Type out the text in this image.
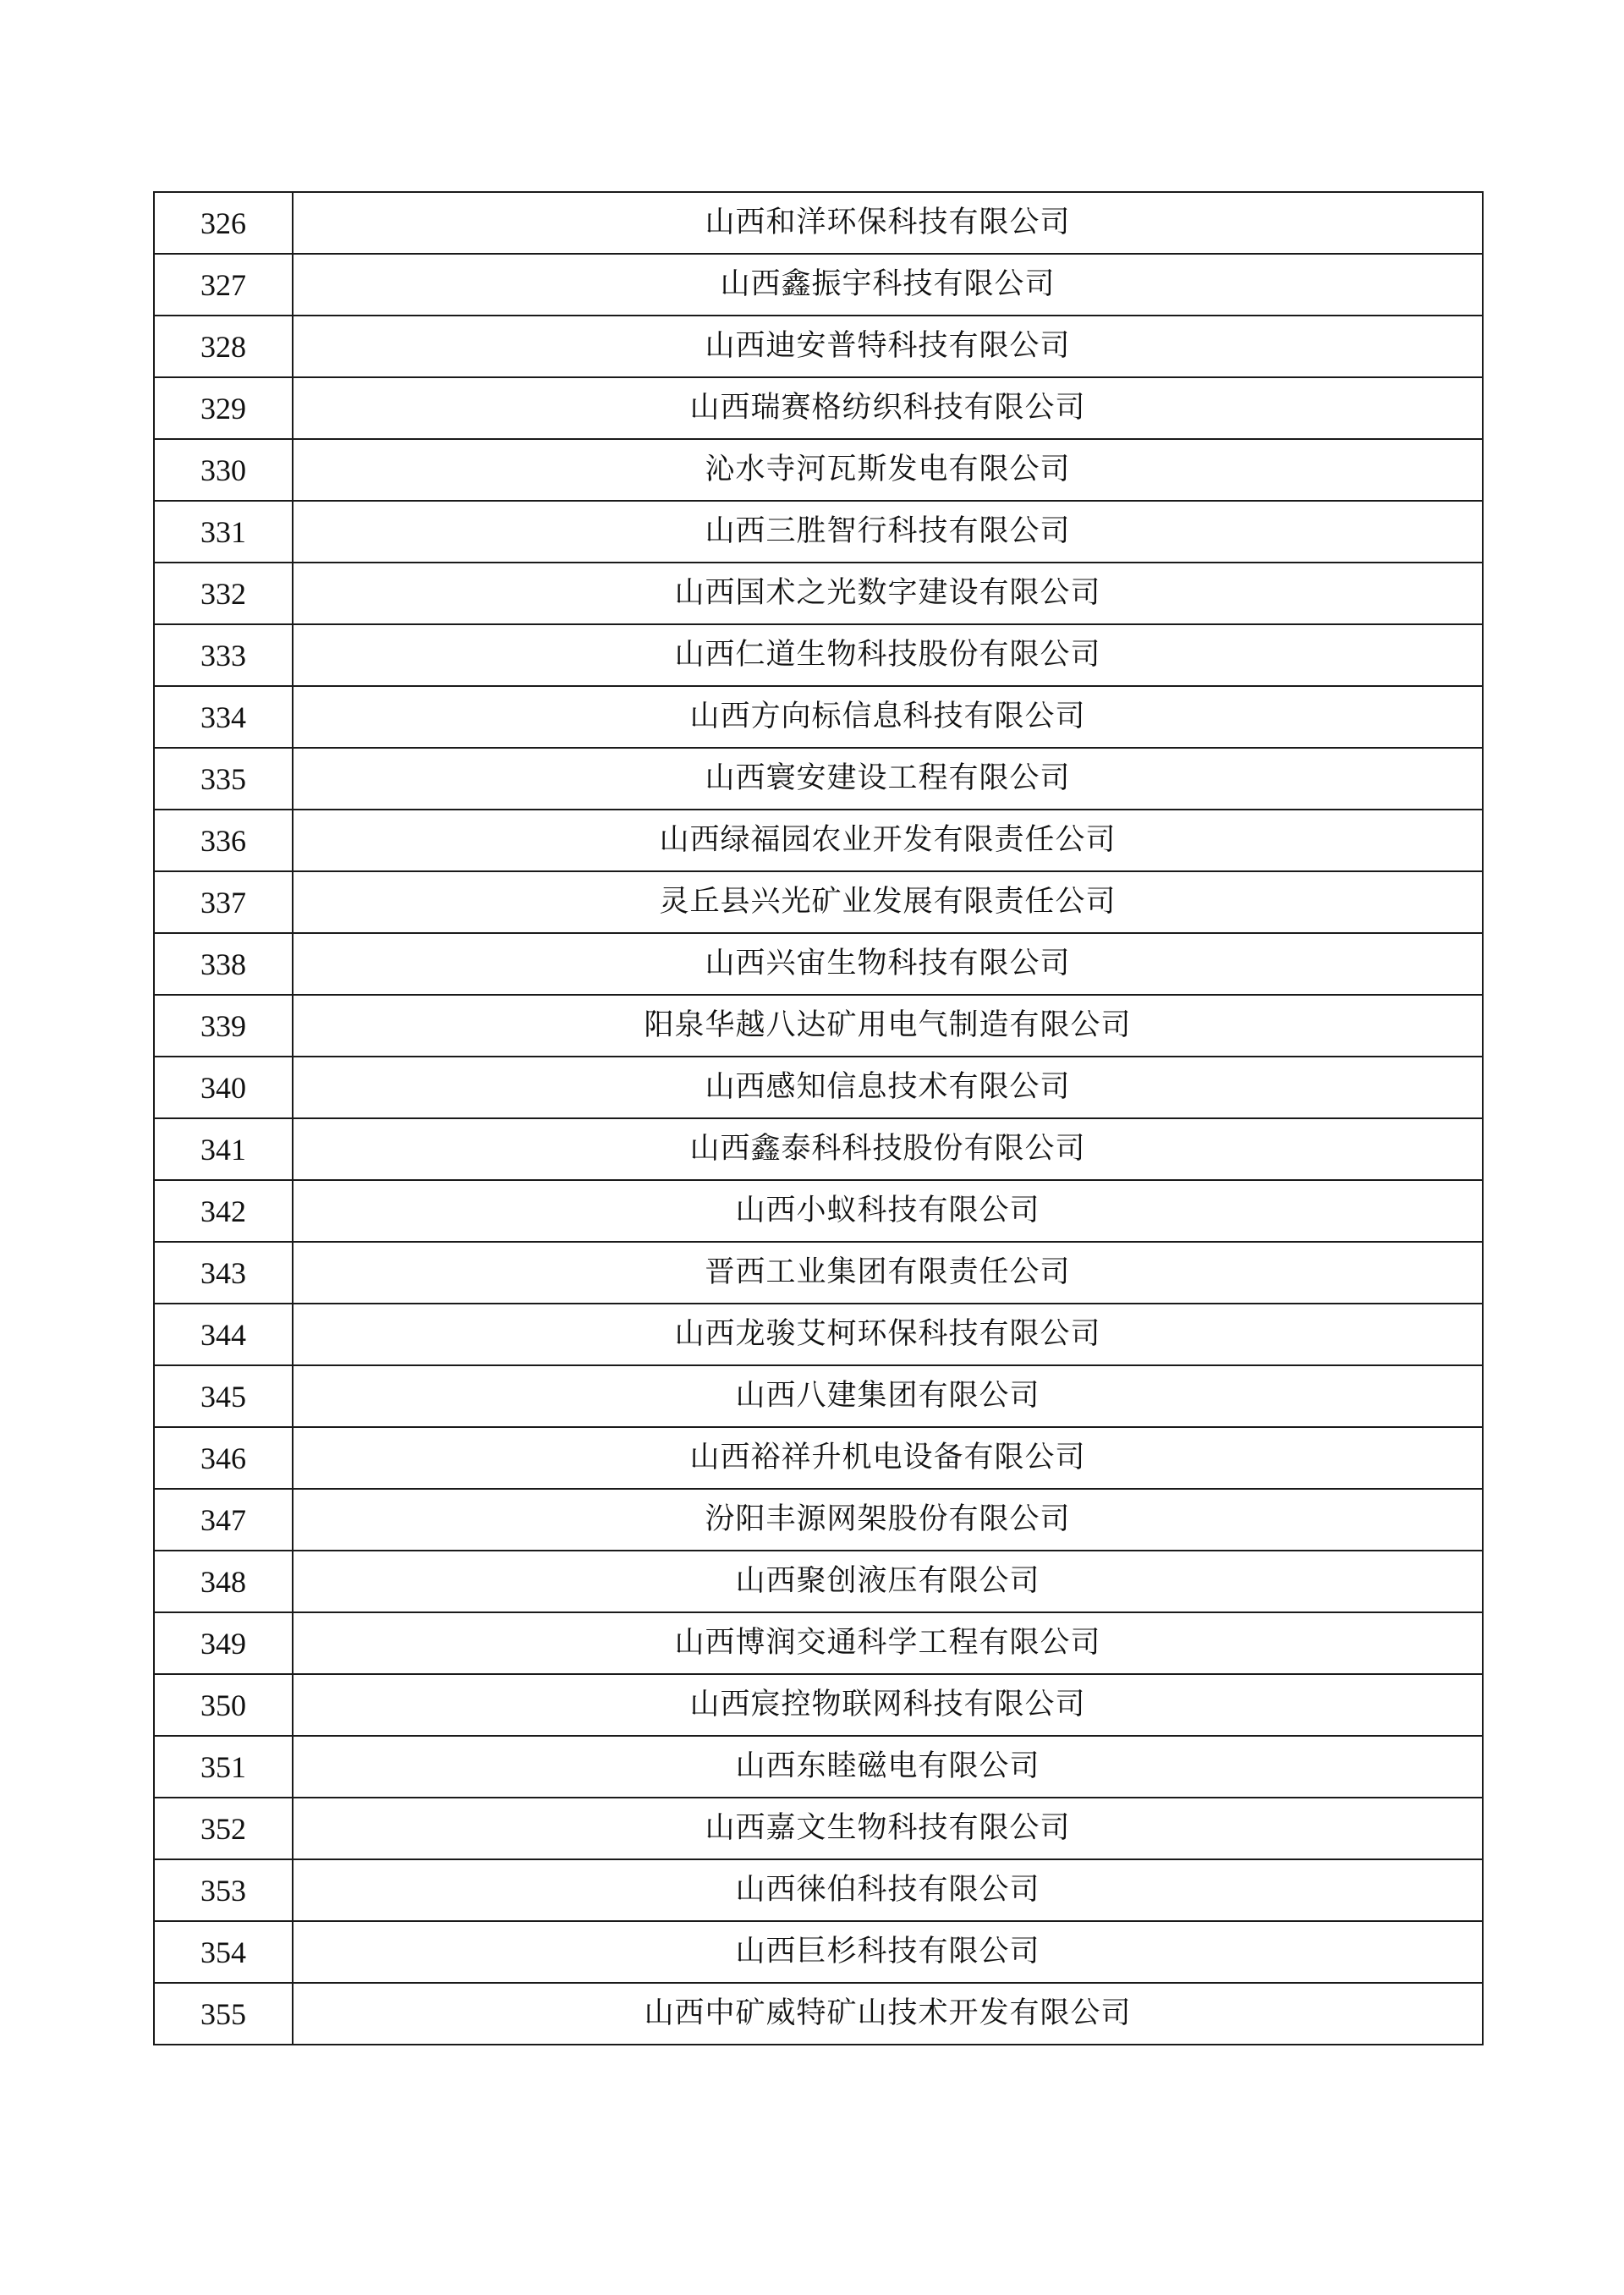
326	山西和洋环保科技有限公司
327	山西鑫振宇科技有限公司
328	山西迪安普特科技有限公司
329	山西瑞赛格纺织科技有限公司
330	沁水寺河瓦斯发电有限公司
331	山西三胜智行科技有限公司
332	山西国术之光数字建设有限公司
333	山西仁道生物科技股份有限公司
334	山西方向标信息科技有限公司
335	山西寰安建设工程有限公司
336	山西绿福园农业开发有限责任公司
337	灵丘县兴光矿业发展有限责任公司
338	山西兴宙生物科技有限公司
339	阳泉华越八达矿用电气制造有限公司
340	山西感知信息技术有限公司
341	山西鑫泰科科技股份有限公司
342	山西小蚁科技有限公司
343	晋西工业集团有限责任公司
344	山西龙骏艾柯环保科技有限公司
345	山西八建集团有限公司
346	山西裕祥升机电设备有限公司
347	汾阳丰源网架股份有限公司
348	山西聚创液压有限公司
349	山西博润交通科学工程有限公司
350	山西宸控物联网科技有限公司
351	山西东睦磁电有限公司
352	山西嘉文生物科技有限公司
353	山西徕伯科技有限公司
354	山西巨杉科技有限公司
355	山西中矿威特矿山技术开发有限公司
